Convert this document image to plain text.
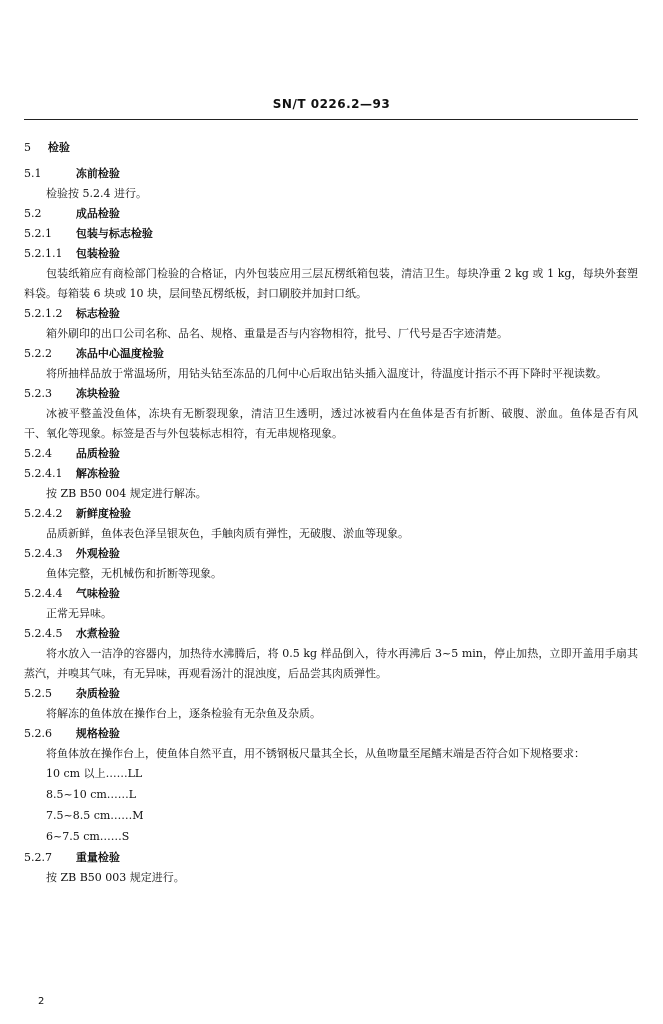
SN/T 0226.2—93
5 检验
5.1	冻前检验
检验按 5.2.4 进行。
5.2	成品检验
5.2.1 包装与标志检验
5.2.1.1 包装检验
包装纸箱应有商检部门检验的合格证，内外包装应用三层瓦楞纸箱包装，清洁卫生。每块净重 2 kg 或 1 kg，每块外套塑料袋。每箱装 6 块或 10 块，层间垫瓦楞纸板，封口刷胶并加封口纸。
5.2.1.2 标志检验
箱外刷印的出口公司名称、品名、规格、重量是否与内容物相符，批号、厂代号是否字迹清楚。
5.2.2 冻品中心温度检验
将所抽样品放于常温场所，用钻头钻至冻品的几何中心后取出钻头插入温度计，待温度计指示不再下降时平视读数。
5.2.3 冻块检验
冰被平整盖没鱼体，冻块有无断裂现象，清洁卫生透明，透过冰被看内在鱼体是否有折断、破腹、淤血。鱼体是否有风干、氧化等现象。标签是否与外包装标志相符，有无串规格现象。
5.2.4 品质检验
5.2.4.1 解冻检验
按 ZB B50 004 规定进行解冻。
5.2.4.2 新鲜度检验
品质新鲜，鱼体表色泽呈银灰色，手触肉质有弹性，无破腹、淤血等现象。
5.2.4.3 外观检验
鱼体完整，无机械伤和折断等现象。
5.2.4.4 气味检验
正常无异味。
5.2.4.5 水煮检验
将水放入一洁净的容器内，加热待水沸腾后，将 0.5 kg 样品倒入，待水再沸后 3~5 min，停止加热，立即开盖用手扇其蒸汽，并嗅其气味，有无异味，再观看汤汁的混浊度，后品尝其肉质弹性。
5.2.5 杂质检验
将解冻的鱼体放在操作台上，逐条检验有无杂鱼及杂质。
5.2.6 规格检验
将鱼体放在操作台上，使鱼体自然平直，用不锈钢板尺量其全长，从鱼吻量至尾鳍末端是否符合如下规格要求：
10 cm 以上……LL
8.5~10 cm……L
7.5~8.5 cm……M
6~7.5 cm……S
5.2.7 重量检验
按 ZB B50 003 规定进行。
2
